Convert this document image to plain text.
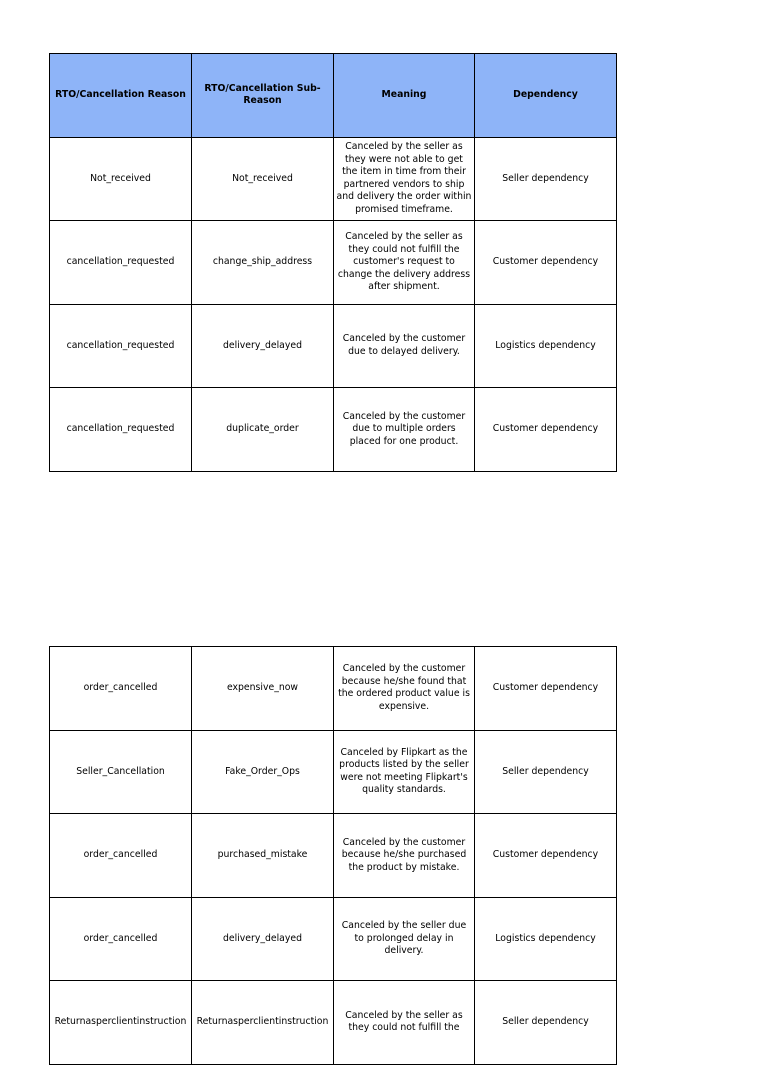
RTO/Cancellation Reason	RTO/Cancellation Sub-Reason	Meaning	Dependency
Not_received	Not_received	Canceled by the seller as they were not able to get the item in time from their partnered vendors to ship and delivery the order within promised timeframe.	Seller dependency
cancellation_requested	change_ship_address	Canceled by the seller as they could not fulfill the customer's request to change the delivery address after shipment.	Customer dependency
cancellation_requested	delivery_delayed	Canceled by the customer due to delayed delivery.	Logistics dependency
cancellation_requested	duplicate_order	Canceled by the customer due to multiple orders placed for one product.	Customer dependency
order_cancelled	expensive_now	Canceled by the customer because he/she found that the ordered product value is expensive.	Customer dependency
Seller_Cancellation	Fake_Order_Ops	Canceled by Flipkart as the products listed by the seller were not meeting Flipkart's quality standards.	Seller dependency
order_cancelled	purchased_mistake	Canceled by the customer because he/she purchased the product by mistake.	Customer dependency
order_cancelled	delivery_delayed	Canceled by the seller due to prolonged delay in delivery.	Logistics dependency
Returnasperclientinstruction	Returnasperclientinstruction	Canceled by the seller as they could not fulfill the	Seller dependency
